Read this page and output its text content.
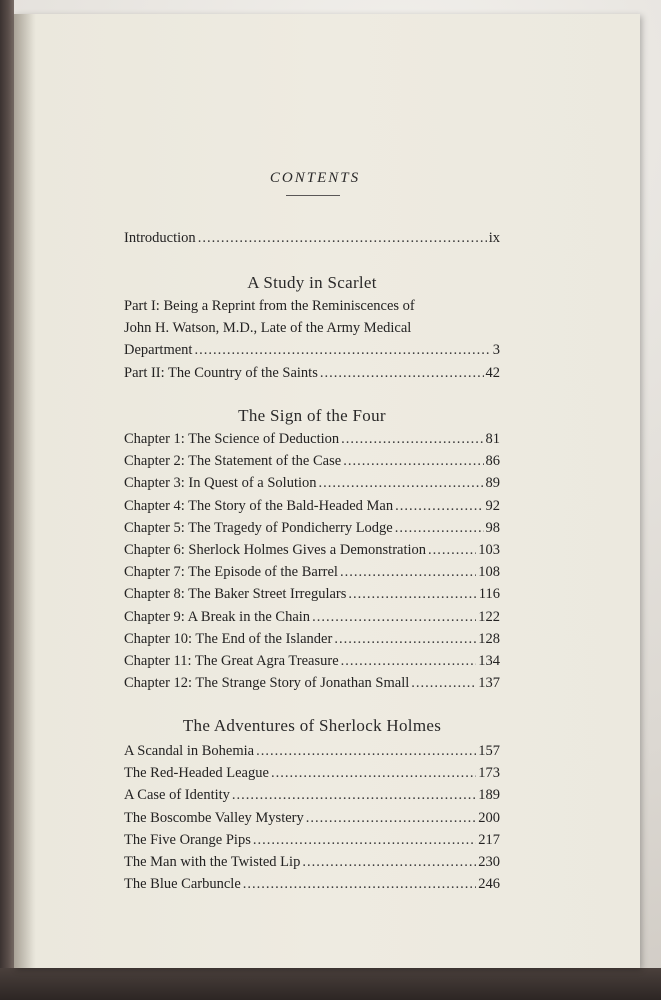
CONTENTS
Introduction .....	ix
A Study in Scarlet
Part I: Being a Reprint from the Reminiscences of
John H. Watson, M.D., Late of the Army Medical
Department .....	3
Part II: The Country of the Saints .....	42
The Sign of the Four
Chapter 1: The Science of Deduction .....	81
Chapter 2: The Statement of the Case .....	86
Chapter 3: In Quest of a Solution .....	89
Chapter 4: The Story of the Bald-Headed Man .....	92
Chapter 5: The Tragedy of Pondicherry Lodge .....	98
Chapter 6: Sherlock Holmes Gives a Demonstration .....	103
Chapter 7: The Episode of the Barrel .....	108
Chapter 8: The Baker Street Irregulars .....	116
Chapter 9: A Break in the Chain .....	122
Chapter 10: The End of the Islander .....	128
Chapter 11: The Great Agra Treasure .....	134
Chapter 12: The Strange Story of Jonathan Small .....	137
The Adventures of Sherlock Holmes
A Scandal in Bohemia .....	157
The Red-Headed League .....	173
A Case of Identity .....	189
The Boscombe Valley Mystery .....	200
The Five Orange Pips .....	217
The Man with the Twisted Lip .....	230
The Blue Carbuncle .....	246
